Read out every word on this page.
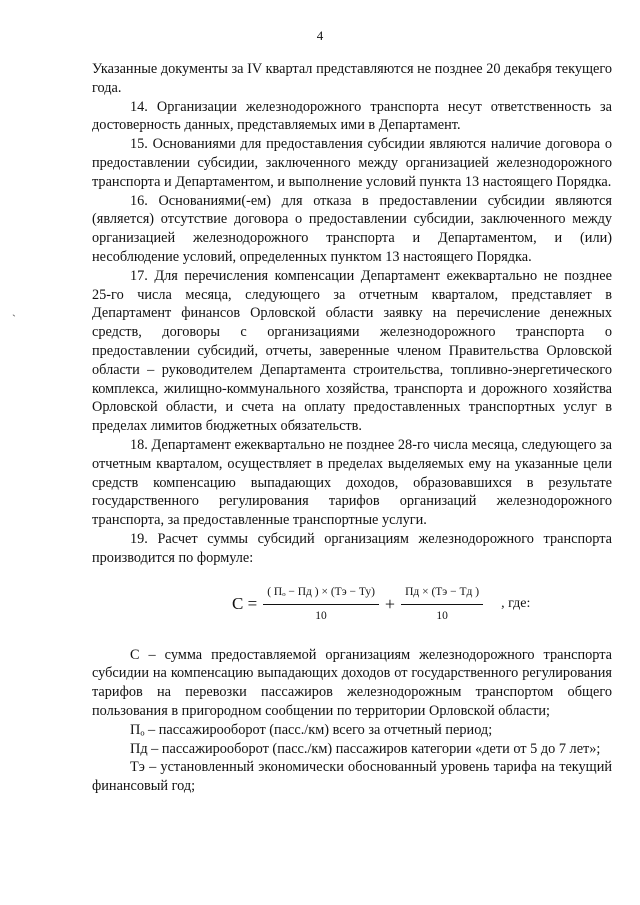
4
`

Указанные документы за IV квартал представляются не позднее 20 декабря текущего года.

14. Организации железнодорожного транспорта несут ответственность за достоверность данных, представляемых ими в Департамент.

15. Основаниями для предоставления субсидии являются наличие договора о предоставлении субсидии, заключенного между организацией железнодорожного транспорта и Департаментом, и выполнение условий пункта 13 настоящего Порядка.

16. Основаниями(-ем) для отказа в предоставлении субсидии являются (является) отсутствие договора о предоставлении субсидии, заключенного между организацией железнодорожного транспорта и Департаментом, и (или) несоблюдение условий, определенных пунктом 13 настоящего Порядка.

17. Для перечисления компенсации Департамент ежеквартально не позднее 25-го числа месяца, следующего за отчетным кварталом, представляет в Департамент финансов Орловской области заявку на перечисление денежных средств, договоры с организациями железнодорожного транспорта о предоставлении субсидий, отчеты, заверенные членом Правительства Орловской области – руководителем Департамента строительства, топливно-энергетического комплекса, жилищно-коммунального хозяйства, транспорта и дорожного хозяйства Орловской области, и счета на оплату предоставленных транспортных услуг в пределах лимитов бюджетных обязательств.

18. Департамент ежеквартально не позднее 28-го числа месяца, следующего за отчетным кварталом, осуществляет в пределах выделяемых ему на указанные цели средств компенсацию выпадающих доходов, образовавшихся в результате государственного регулирования тарифов организаций железнодорожного транспорта, за предоставленные транспортные услуги.

19. Расчет суммы субсидий организациям железнодорожного транспорта производится по формуле:

$С = \frac{\text{( Пₒ − Пд ) × (Тэ − Ту)}}{10} + \frac{Пд \times (Тэ - Тд )}{10}$ , где:

С – сумма предоставляемой организациям железнодорожного транспорта субсидии на компенсацию выпадающих доходов от государственного регулирования тарифов на перевозки пассажиров железнодорожным транспортом общего пользования в пригородном сообщении по территории Орловской области;

Пₒ – пассажирооборот (пасс./км) всего за отчетный период;

Пд – пассажирооборот (пасс./км) пассажиров категории «дети от 5 до 7 лет»;

Тэ – установленный экономически обоснованный уровень тарифа на текущий финансовый год;
